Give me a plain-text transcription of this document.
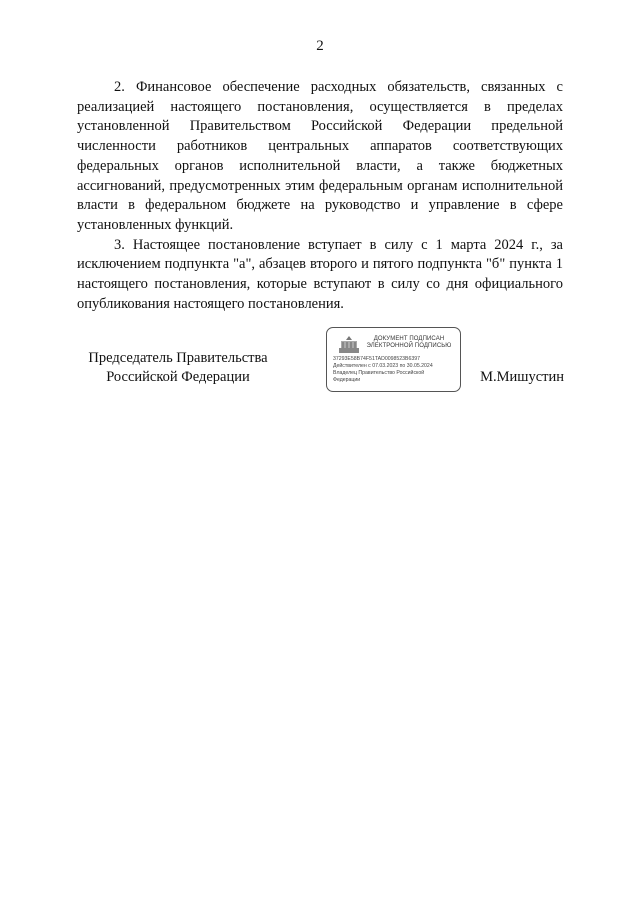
2

2. Финансовое обеспечение расходных обязательств, связанных с реализацией настоящего постановления, осуществляется в пределах установленной Правительством Российской Федерации предельной численности работников центральных аппаратов соответствующих федеральных органов исполнительной власти, а также бюджетных ассигнований, предусмотренных этим федеральным органам исполнительной власти в федеральном бюджете на руководство и управление в сфере установленных функций.

3. Настоящее постановление вступает в силу с 1 марта 2024 г., за исключением подпункта "а", абзацев второго и пятого подпункта "б" пункта 1 настоящего постановления, которые вступают в силу со дня официального опубликования настоящего постановления.

Председатель Правительства
Российской Федерации
ДОКУМЕНТ ПОДПИСАН
ЭЛЕКТРОННОЙ ПОДПИСЬЮ
37293E58B74F51TAD0098523B6397
Действителен с 07.03.2023 по 30.05.2024
Владелец Правительство Российской
Федерации	М.Мишустин
